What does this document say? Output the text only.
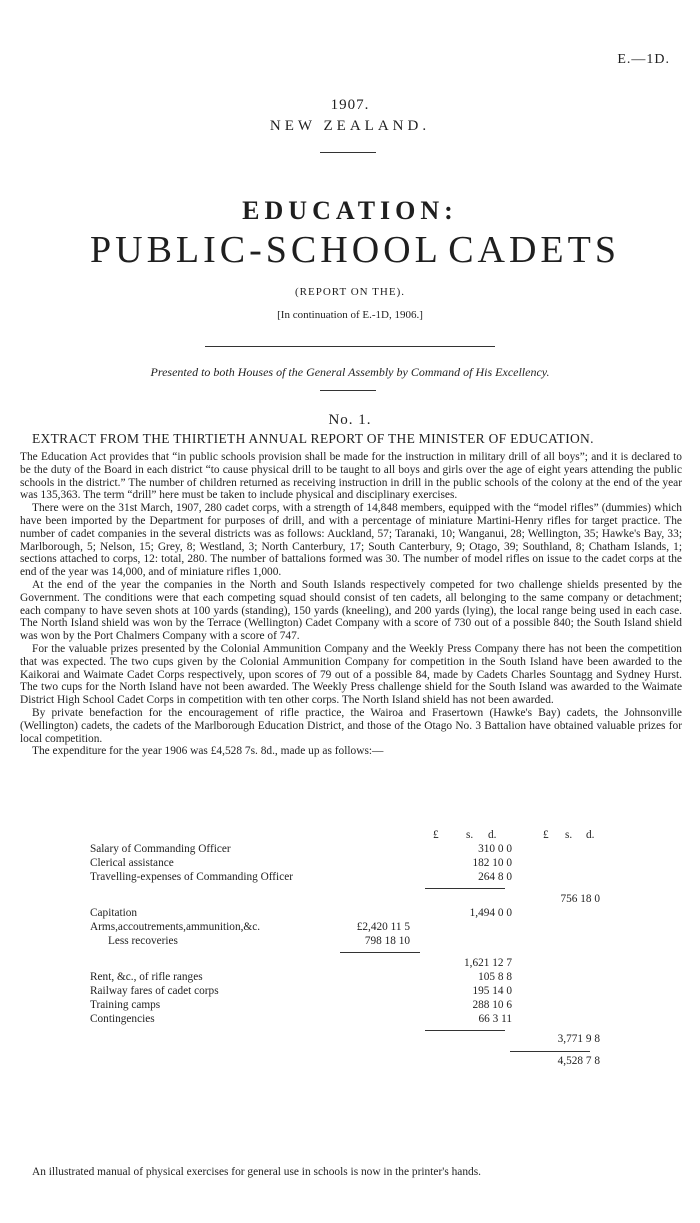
E.—1D.
1907.
NEW ZEALAND.
EDUCATION:
PUBLIC-SCHOOL CADETS
(REPORT ON THE).
[In continuation of E.-1D, 1906.]
Presented to both Houses of the General Assembly by Command of His Excellency.
No. 1.
EXTRACT FROM THE THIRTIETH ANNUAL REPORT OF THE MINISTER OF EDUCATION.

The Education Act provides that “in public schools provision shall be made for the instruction in military drill of all boys”; and it is declared to be the duty of the Board in each district “to cause physical drill to be taught to all boys and girls over the age of eight years attending the public schools in the district.” The number of children returned as receiving instruction in drill in the public schools of the colony at the end of the year was 135,363. The term “drill” here must be taken to include physical and disciplinary exercises.

There were on the 31st March, 1907, 280 cadet corps, with a strength of 14,848 members, equipped with the “model rifles” (dummies) which have been imported by the Department for purposes of drill, and with a percentage of miniature Martini-Henry rifles for target practice. The number of cadet companies in the several districts was as follows: Auckland, 57; Taranaki, 10; Wanganui, 28; Wellington, 35; Hawke's Bay, 33; Marlborough, 5; Nelson, 15; Grey, 8; Westland, 3; North Canterbury, 17; South Canterbury, 9; Otago, 39; Southland, 8; Chatham Islands, 1; sections attached to corps, 12: total, 280. The number of battalions formed was 30. The number of model rifles on issue to the cadet corps at the end of the year was 14,000, and of miniature rifles 1,000.

At the end of the year the companies in the North and South Islands respectively competed for two challenge shields presented by the Government. The conditions were that each competing squad should consist of ten cadets, all belonging to the same company or detachment; each company to have seven shots at 100 yards (standing), 150 yards (kneeling), and 200 yards (lying), the local range being used in each case. The North Island shield was won by the Terrace (Wellington) Cadet Company with a score of 730 out of a possible 840; the South Island shield was won by the Port Chalmers Company with a score of 747.

For the valuable prizes presented by the Colonial Ammunition Company and the Weekly Press Company there has not been the competition that was expected. The two cups given by the Colonial Ammunition Company for competition in the South Island have been awarded to the Kaikorai and Waimate Cadet Corps respectively, upon scores of 79 out of a possible 84, made by Cadets Charles Sountagg and Sydney Hurst. The two cups for the North Island have not been awarded. The Weekly Press challenge shield for the South Island was awarded to the Waimate District High School Cadet Corps in competition with ten other corps. The North Island shield has not been awarded.

By private benefaction for the encouragement of rifle practice, the Wairoa and Frasertown (Hawke's Bay) cadets, the Johnsonville (Wellington) cadets, the cadets of the Marlborough Education District, and those of the Otago No. 3 Battalion have obtained valuable prizes for local competition.

The expenditure for the year 1906 was £4,528 7s. 8d., made up as follows:—

£ s. d.	£ s. d.
Salary of Commanding Officer	310 0 0
Clerical assistance	182 10 0
Travelling-expenses of Commanding Officer	264 8 0
756 18 0
Capitation	1,494 0 0
Arms,accoutrements,ammunition,&c.	£2,420 11 5
Less recoveries	798 18 10
1,621 12 7
Rent, &c., of rifle ranges	105 8 8
Railway fares of cadet corps	195 14 0
Training camps	288 10 6
Contingencies	66 3 11
3,771 9 8
4,528 7 8
An illustrated manual of physical exercises for general use in schools is now in the printer's hands.
